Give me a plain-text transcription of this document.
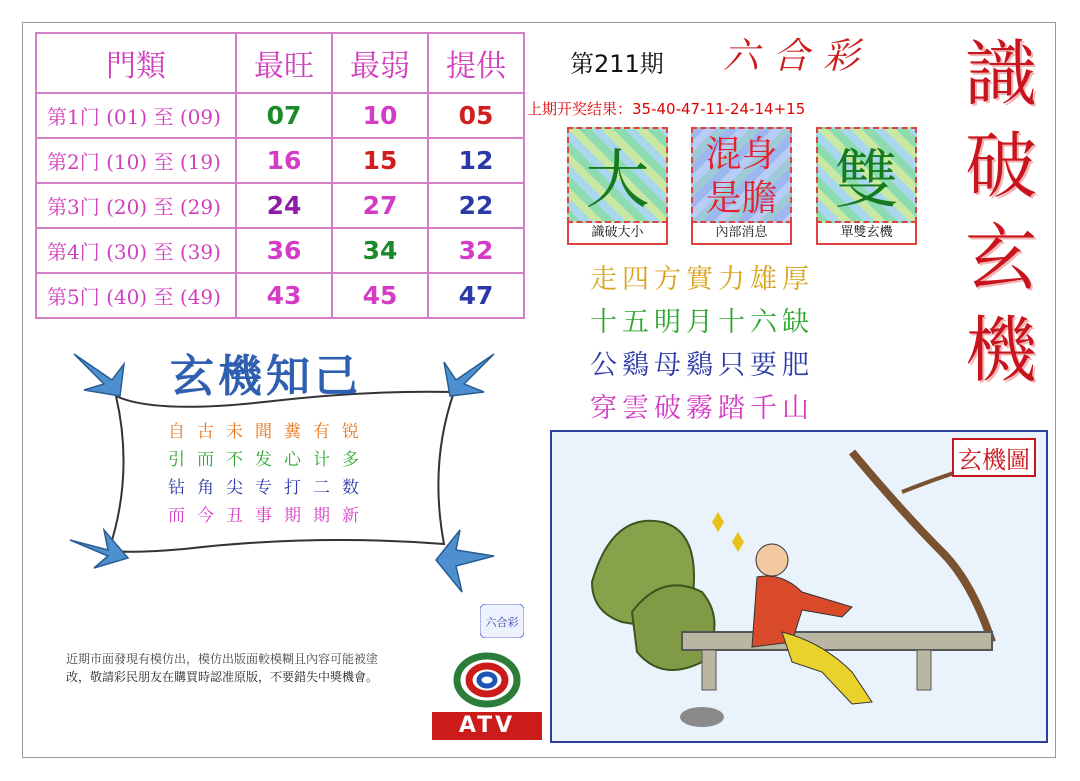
門類	最旺	最弱	提供
第1门 (01) 至 (09)	07	10	05
第2门 (10) 至 (19)	16	15	12
第3门 (20) 至 (29)	24	27	22
第4门 (30) 至 (39)	36	34	32
第5门 (40) 至 (49)	43	45	47
第211期 六合彩
上期开奖结果：35-40-47-11-24-14+15 識
破
玄
機
大
識破大小
混身
是膽
內部消息
雙
單雙玄機
走四方實力雄厚
十五明月十六缺
公鷄母鷄只要肥
穿雲破霧踏千山
玄機知己
自古未聞糞有锐
引而不发心计多
钻角尖专打二数
而今丑事期期新
玄機圖
六合彩
近期市面發現有模仿出，模仿出版面較模糊且內容可能被塗
改，敬請彩民朋友在購買時認准原版，不要錯失中獎機會。
ATV
